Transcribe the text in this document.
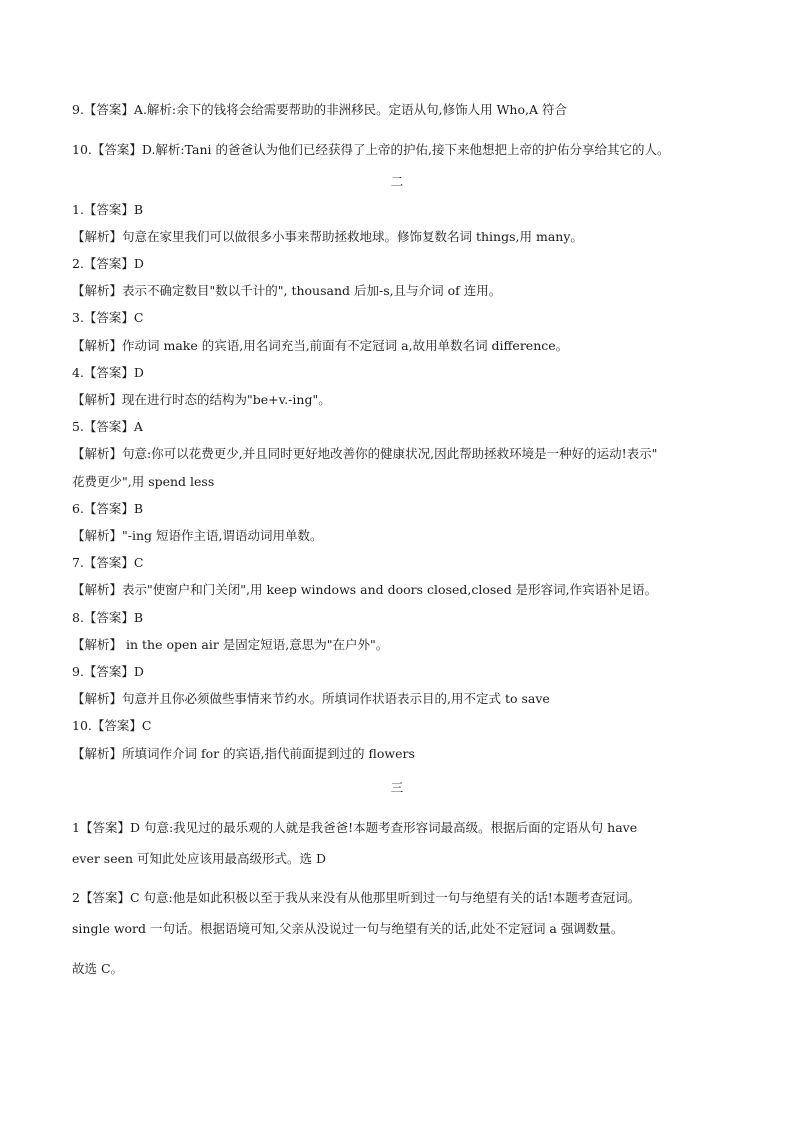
9.【答案】A.解析:余下的钱将会给需要帮助的非洲移民。定语从句,修饰人用 Who,A 符合
10.【答案】D.解析:Tani 的爸爸认为他们已经获得了上帝的护佑,接下来他想把上帝的护佑分享给其它的人。
二
1.【答案】B
【解析】句意在家里我们可以做很多小事来帮助拯救地球。修饰复数名词 things,用 many。
2.【答案】D
【解析】表示不确定数目"数以千计的", thousand 后加-s,且与介词 of 连用。
3.【答案】C
【解析】作动词 make 的宾语,用名词充当,前面有不定冠词 a,故用单数名词 difference。
4.【答案】D
【解析】现在进行时态的结构为"be+v.-ing"。
5.【答案】A
【解析】句意:你可以花费更少,并且同时更好地改善你的健康状况,因此帮助拯救环境是一种好的运动!表示"
花费更少",用 spend less
6.【答案】B
【解析】"-ing 短语作主语,谓语动词用单数。
7.【答案】C
【解析】表示"使窗户和门关闭",用 keep windows and doors closed,closed 是形容词,作宾语补足语。
8.【答案】B
【解析】 in the open air 是固定短语,意思为"在户外"。
9.【答案】D
【解析】句意并且你必须做些事情来节约水。所填词作状语表示目的,用不定式 to save
10.【答案】C
【解析】所填词作介词 for 的宾语,指代前面提到过的 flowers
三
1【答案】D 句意:我见过的最乐观的人就是我爸爸!本题考查形容词最高级。根据后面的定语从句 have
ever seen 可知此处应该用最高级形式。选 D
2【答案】C 句意:他是如此积极以至于我从来没有从他那里听到过一句与绝望有关的话!本题考查冠词。
single word 一句话。根据语境可知,父亲从没说过一句与绝望有关的话,此处不定冠词 a 强调数量。
故选 C。
